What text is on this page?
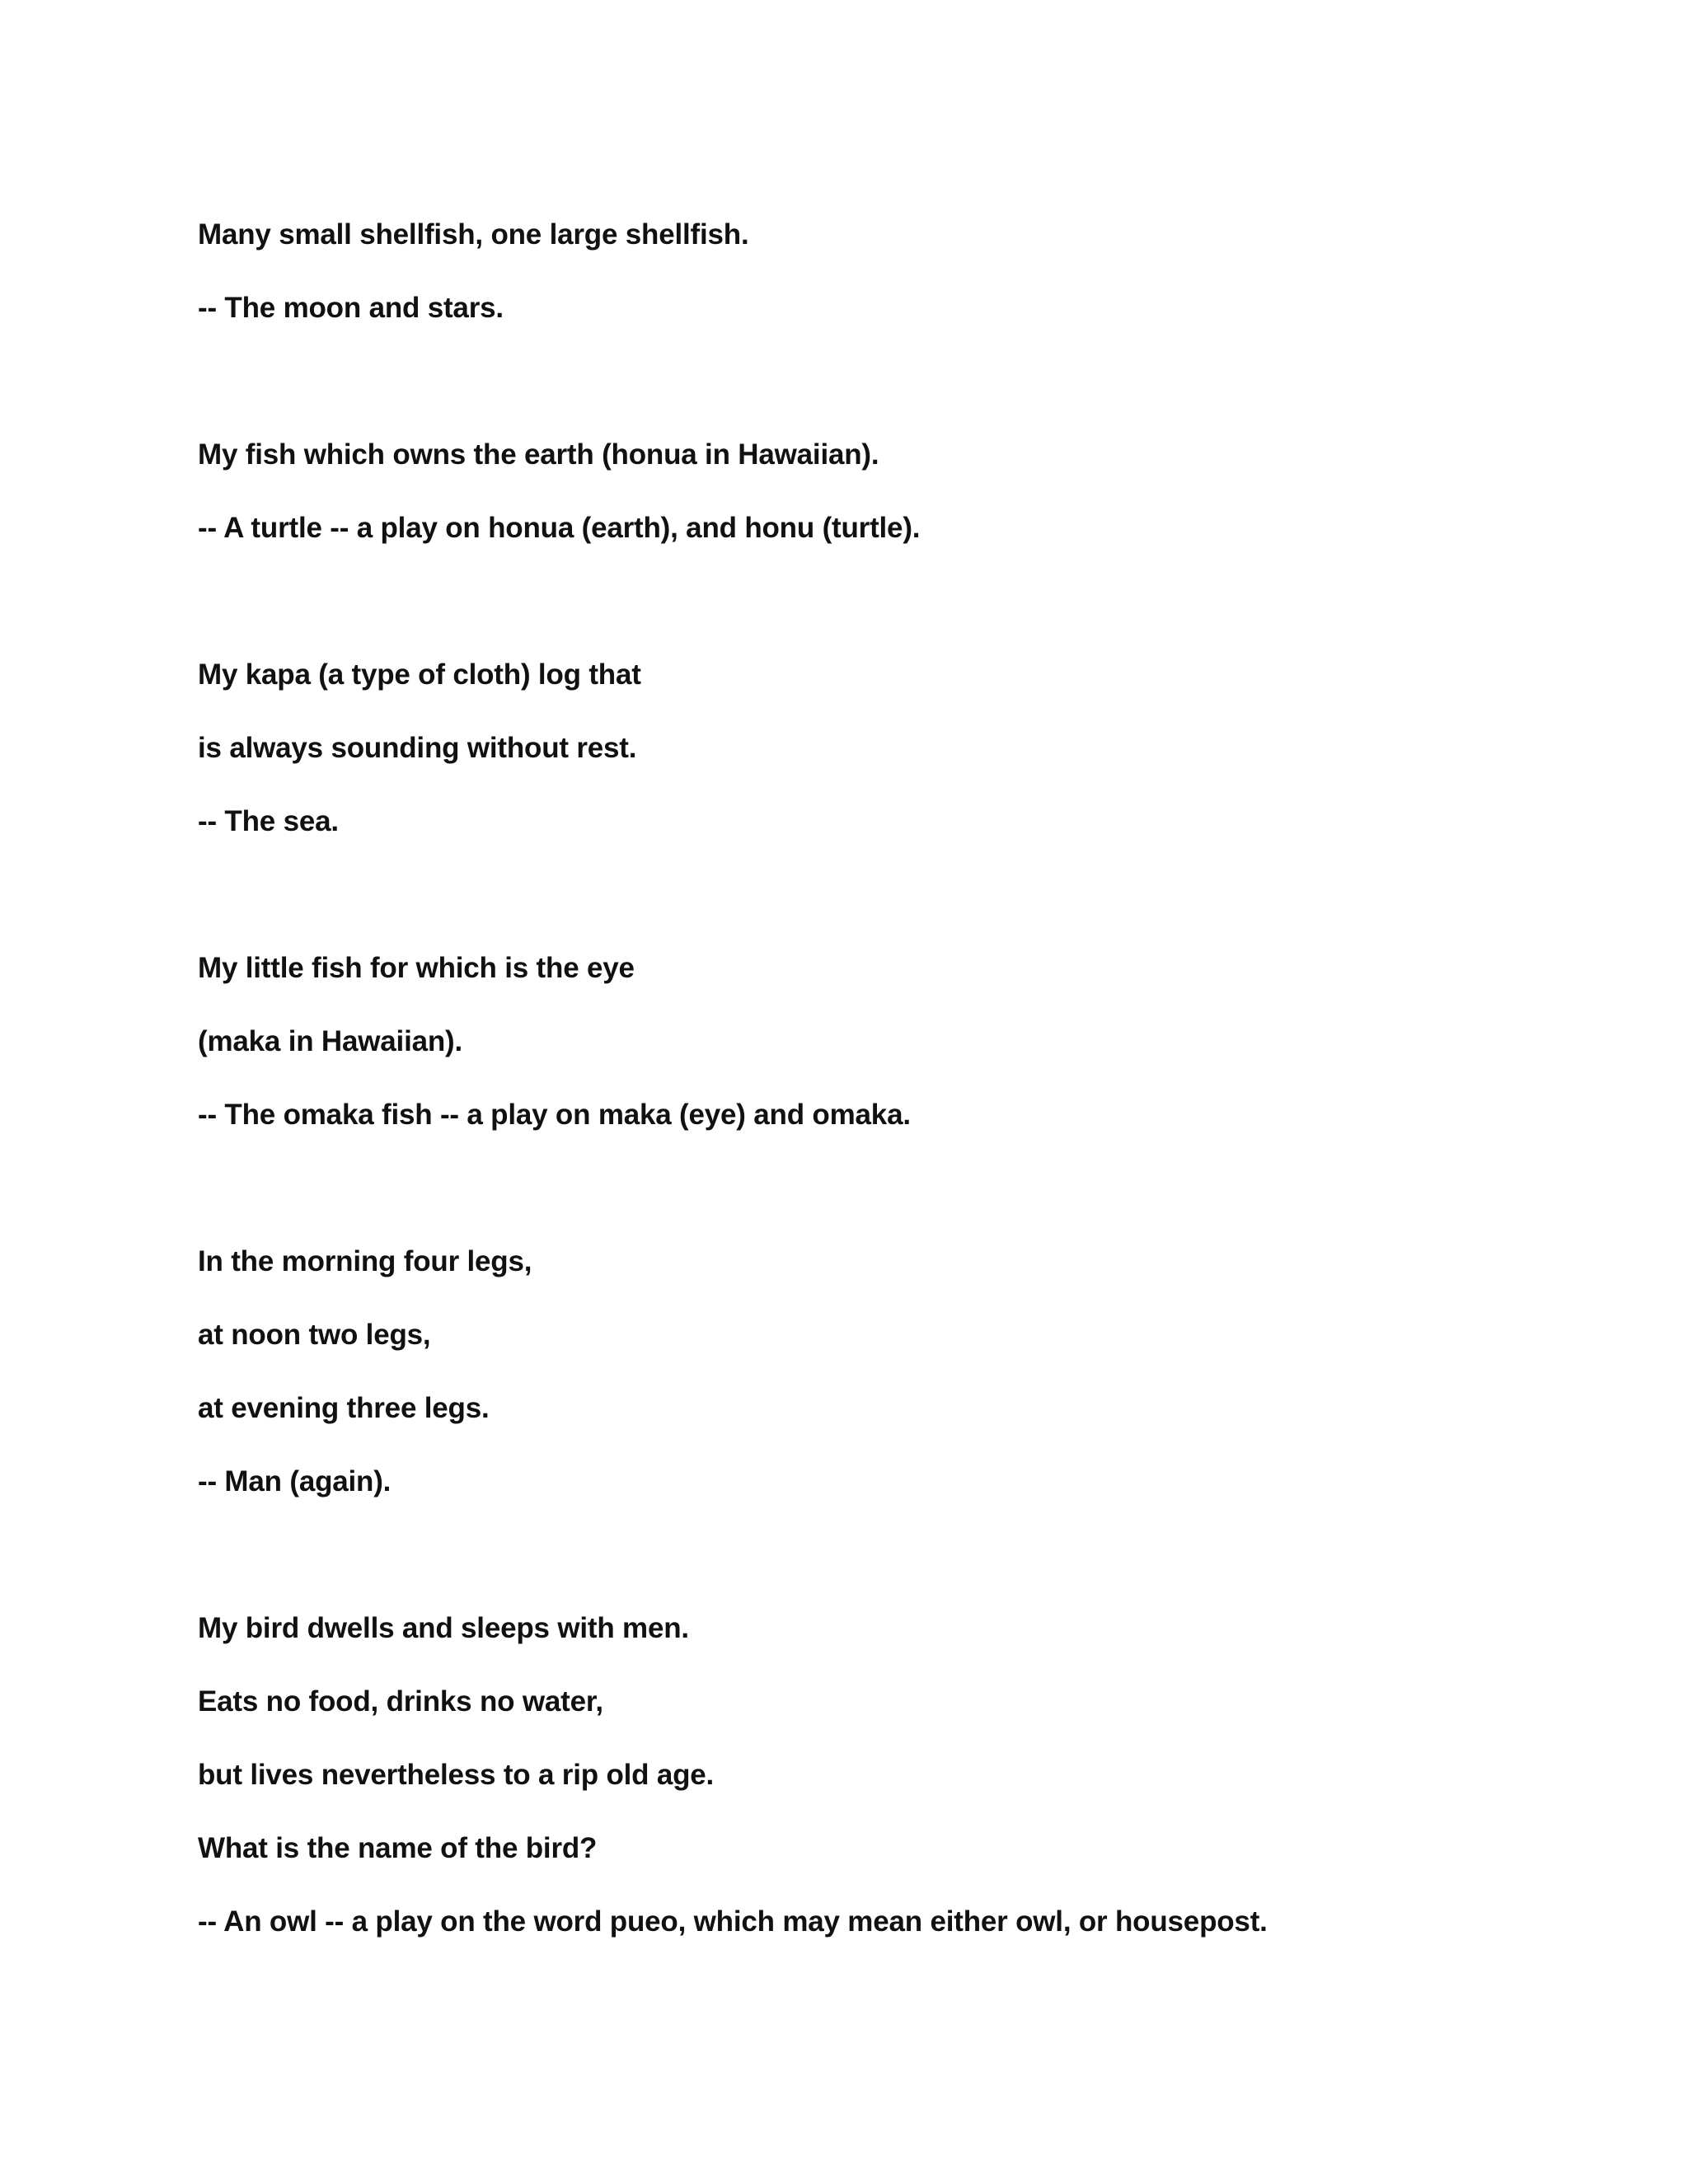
Many small shellfish, one large shellfish.
-- The moon and stars.
My fish which owns the earth (honua in Hawaiian).
-- A turtle -- a play on honua (earth), and honu (turtle).
My kapa (a type of cloth) log that
is always sounding without rest.
-- The sea.
My little fish for which is the eye
(maka in Hawaiian).
-- The omaka fish -- a play on maka (eye) and omaka.
In the morning four legs,
at noon two legs,
at evening three legs.
-- Man (again).
My bird dwells and sleeps with men.
Eats no food, drinks no water,
but lives nevertheless to a rip old age.
What is the name of the bird?
-- An owl -- a play on the word pueo, which may mean either owl, or housepost.
